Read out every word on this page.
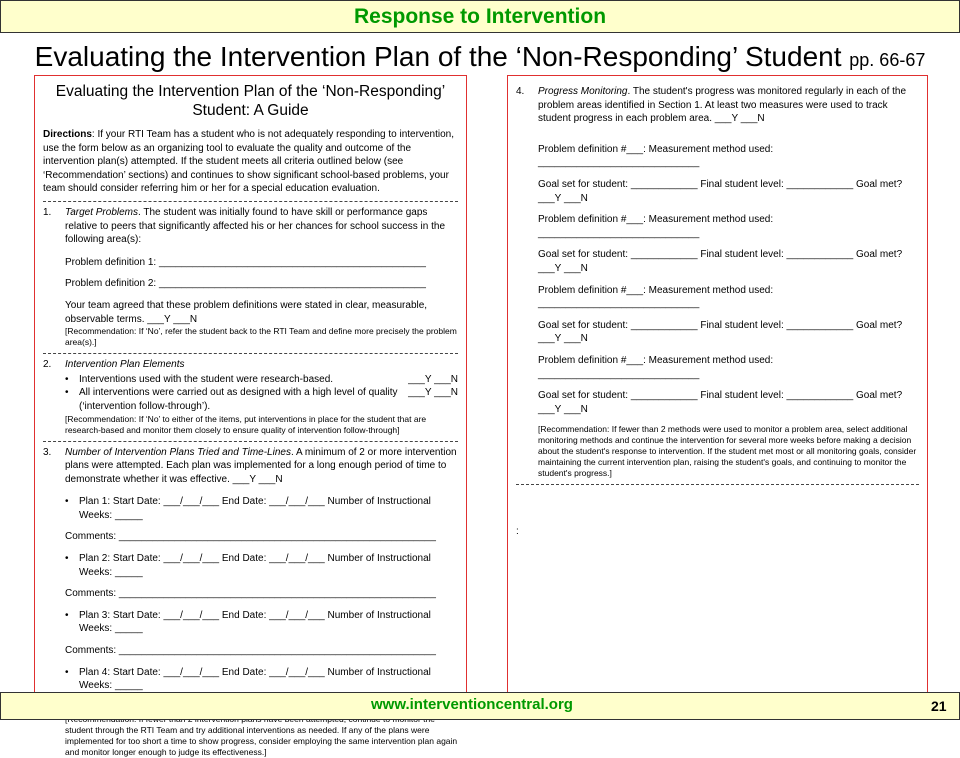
Response to Intervention
Evaluating the Intervention Plan of the ‘Non-Responding’ Student pp. 66-67
Evaluating the Intervention Plan of the ‘Non-Responding’ Student: A Guide
Directions: If your RTI Team has a student who is not adequately responding to intervention, use the form below as an organizing tool to evaluate the quality and outcome of the intervention plan(s) attempted. If the student meets all criteria outlined below (see ‘Recommendation’ sections) and continues to show significant school-based problems, your team should consider referring him or her for a special education evaluation.
1.	Target Problems. The student was initially found to have skill or performance gaps relative to peers that significantly affected his or her chances for school success in the following area(s):
Problem definition 1: ________________________________________________
Problem definition 2: ________________________________________________
Your team agreed that these problem definitions were stated in clear, measurable, observable terms. ___Y ___N
[Recommendation: If ‘No’, refer the student back to the RTI Team and define more precisely the problem area(s).]
2.	Intervention Plan Elements
•	Interventions used with the student were research-based.	___Y ___N
•	All interventions were carried out as designed with a high level of quality (‘intervention follow-through’).
___Y ___N
[Recommendation: If ‘No’ to either of the items, put interventions in place for the student that are research-based and monitor them closely to ensure quality of intervention follow-through]
3.	Number of Intervention Plans Tried and Time-Lines. A minimum of 2 or more intervention plans were attempted. Each plan was implemented for a long enough period of time to demonstrate whether it was effective. ___Y ___N
•	Plan 1: Start Date: ___/___/___ End Date: ___/___/___ Number of Instructional Weeks: _____
Comments: _________________________________________________________
•	Plan 2: Start Date: ___/___/___ End Date: ___/___/___ Number of Instructional Weeks: _____
Comments: _________________________________________________________
•	Plan 3: Start Date: ___/___/___ End Date: ___/___/___ Number of Instructional Weeks: _____
Comments: _________________________________________________________
•	Plan 4: Start Date: ___/___/___ End Date: ___/___/___ Number of Instructional Weeks: _____
student through the RTI Team and try additional interventions as needed. If any of the plans were implemented for too short a time to show progress, consider employing the same intervention plan again and monitor longer enough to judge its effectiveness.]
4.	Progress Monitoring. The student's progress was monitored regularly in each of the problem areas identified in Section 1. At least two measures were used to track student progress in each problem area. ___Y ___N
Problem definition #___: Measurement method used: _____________________________
Goal set for student: ____________ Final student level: ____________ Goal met? ___Y ___N
Problem definition #___: Measurement method used: _____________________________
Goal set for student: ____________ Final student level: ____________ Goal met? ___Y ___N
Problem definition #___: Measurement method used: _____________________________
Goal set for student: ____________ Final student level: ____________ Goal met? ___Y ___N
Problem definition #___: Measurement method used: _____________________________
Goal set for student: ____________ Final student level: ____________ Goal met? ___Y ___N
[Recommendation: If fewer than 2 methods were used to monitor a problem area, select additional monitoring methods and continue the intervention for several more weeks before making a decision about the student's response to intervention. If the student met most or all monitoring goals, consider maintaining the current intervention plan, raising the student's goals, and continuing to monitor the student's progress.]
:
www.interventioncentral.org	21
